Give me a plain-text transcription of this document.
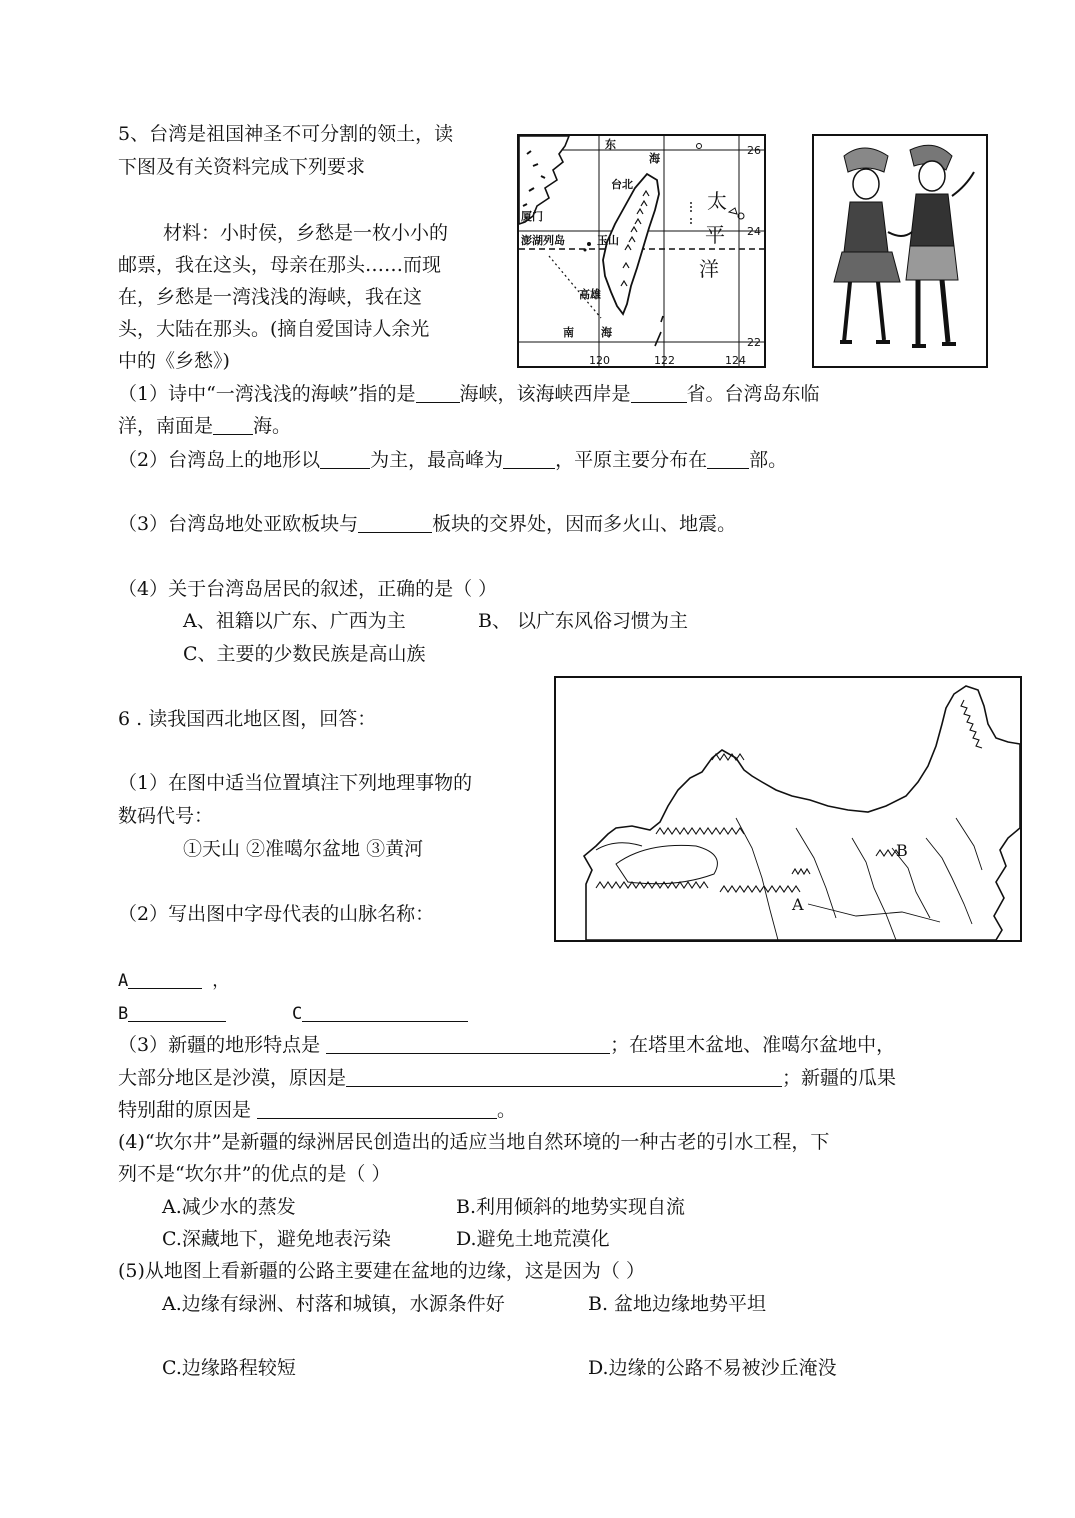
5、台湾是祖国神圣不可分割的领土，读
下图及有关资料完成下列要求
材料：小时侯，乡愁是一枚小小的
邮票，我在这头，母亲在那头……而现
在，乡愁是一湾浅浅的海峡，我在这
头，大陆在那头。(摘自爱国诗人余光
中的《乡愁》)
东
海
台北
厦门
澎湖列岛	玉山
高雄
南 海
太
平
洋
26
24
22
120	122	124
（1）诗中“一湾浅浅的海峡”指的是 海峡，该海峡西岸是	省。台湾岛东临
洋，南面是 海。
（2）台湾岛上的地形以	为主，最高峰为	，平原主要分布在 部。
（3）台湾岛地处亚欧板块与	板块的交界处，因而多火山、地震。
（4）关于台湾岛居民的叙述，正确的是（ ）
A、祖籍以广东、广西为主	B、 以广东风俗习惯为主
C、主要的少数民族是高山族
6 . 读我国西北地区图，回答：
（1）在图中适当位置填注下列地理事物的
数码代号：
①天山 ②准噶尔盆地 ③黄河
（2）写出图中字母代表的山脉名称：	A
B
A	，
B	C
（3）新疆的地形特点是	；在塔里木盆地、准噶尔盆地中，
大部分地区是沙漠，原因是	；新疆的瓜果
特别甜的原因是	。
(4)“坎尔井”是新疆的绿洲居民创造出的适应当地自然环境的一种古老的引水工程，下
列不是“坎尔井”的优点的是（ ）
A.减少水的蒸发	B.利用倾斜的地势实现自流
C.深藏地下，避免地表污染	D.避免土地荒漠化
(5)从地图上看新疆的公路主要建在盆地的边缘，这是因为（ ）
A.边缘有绿洲、村落和城镇，水源条件好	B. 盆地边缘地势平坦
C.边缘路程较短	D.边缘的公路不易被沙丘淹没
